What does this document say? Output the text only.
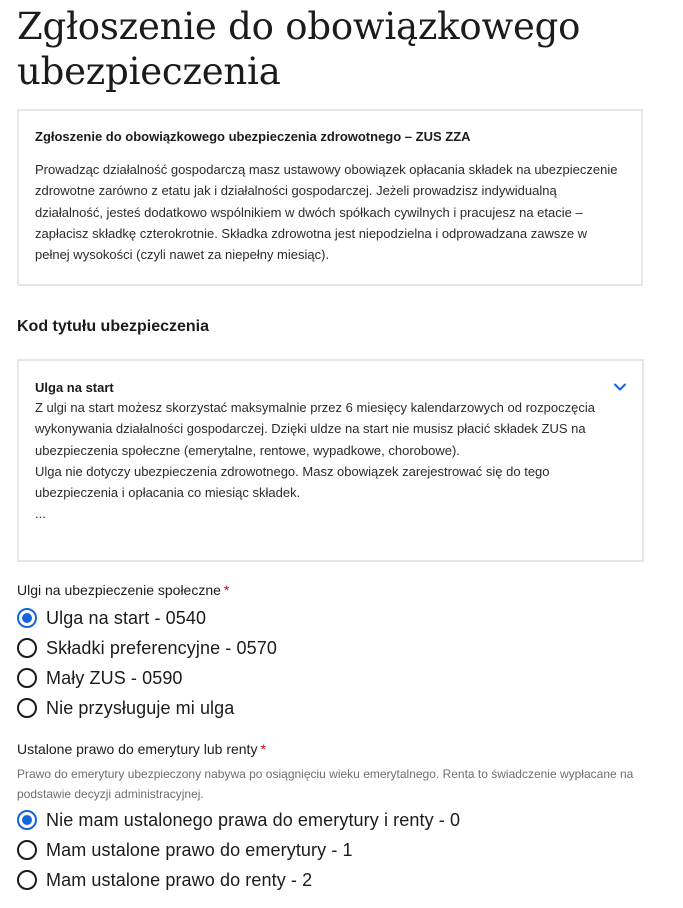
Zgłoszenie do obowiązkowego ubezpieczenia
Zgłoszenie do obowiązkowego ubezpieczenia zdrowotnego – ZUS ZZA

Prowadząc działalność gospodarczą masz ustawowy obowiązek opłacania składek na ubezpieczenie zdrowotne zarówno z etatu jak i działalności gospodarczej. Jeżeli prowadzisz indywidualną działalność, jesteś dodatkowo wspólnikiem w dwóch spółkach cywilnych i pracujesz na etacie – zapłacisz składkę czterokrotnie. Składka zdrowotna jest niepodzielna i odprowadzana zawsze w pełnej wysokości (czyli nawet za niepełny miesiąc).

Kod tytułu ubezpieczenia
Ulga na start
Z ulgi na start możesz skorzystać maksymalnie przez 6 miesięcy kalendarzowych od rozpoczęcia wykonywania działalności gospodarczej. Dzięki uldze na start nie musisz płacić składek ZUS na ubezpieczenia społeczne (emerytalne, rentowe, wypadkowe, chorobowe).
Ulga nie dotyczy ubezpieczenia zdrowotnego. Masz obowiązek zarejestrować się do tego ubezpieczenia i opłacania co miesiąc składek.
...
Ulgi na ubezpieczenie społeczne *
Ulga na start - 0540
Składki preferencyjne - 0570
Mały ZUS - 0590
Nie przysługuje mi ulga
Ustalone prawo do emerytury lub renty *
Prawo do emerytury ubezpieczony nabywa po osiągnięciu wieku emerytalnego. Renta to świadczenie wypłacane na podstawie decyzji administracyjnej.
Nie mam ustalonego prawa do emerytury i renty - 0
Mam ustalone prawo do emerytury - 1
Mam ustalone prawo do renty - 2
